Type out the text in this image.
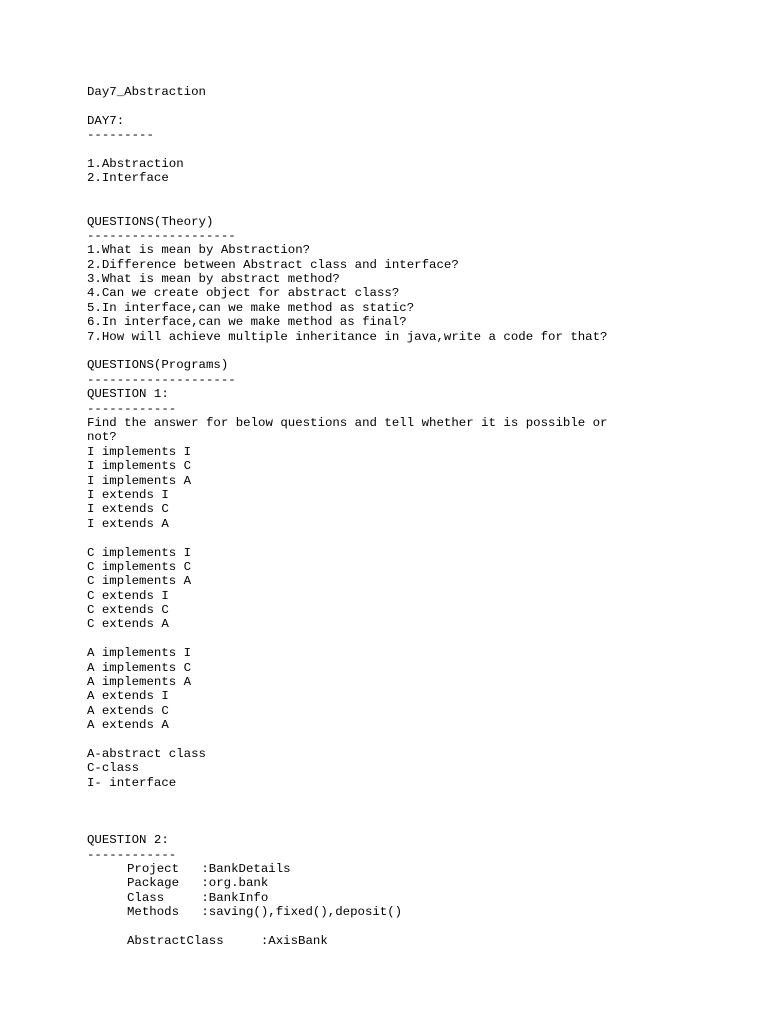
Day7_Abstraction
DAY7:
---------
1.Abstraction
2.Interface
QUESTIONS(Theory)
--------------------
1.What is mean by Abstraction?
2.Difference between Abstract class and interface?
3.What is mean by abstract method?
4.Can we create object for abstract class?
5.In interface,can we make method as static?
6.In interface,can we make method as final?
7.How will achieve multiple inheritance in java,write a code for that?
QUESTIONS(Programs)
--------------------
QUESTION 1:
------------
Find the answer for below questions and tell whether it is possible or
not?
I implements I
I implements C
I implements A
I extends I
I extends C
I extends A
C implements I
C implements C
C implements A
C extends I
C extends C
C extends A
A implements I
A implements C
A implements A
A extends I
A extends C
A extends A
A-abstract class
C-class
I- interface
QUESTION 2:
------------
Project   :BankDetails
Package   :org.bank
Class     :BankInfo
Methods   :saving(),fixed(),deposit()
AbstractClass     :AxisBank
